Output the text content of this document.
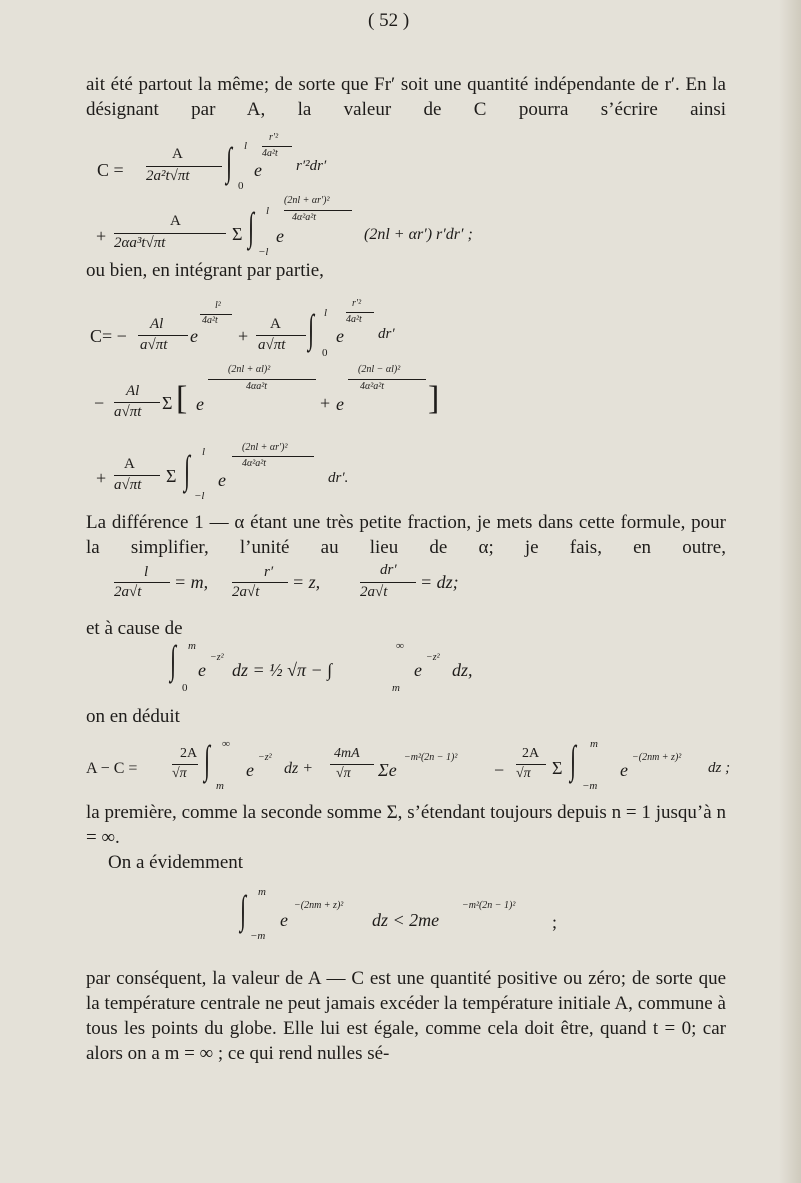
( 52 )
ait été partout la même; de sorte que Fr′ soit une quantité indépendante de r′. En la désignant par A, la valeur de C pourra s’écrire ainsi
C =
A
2a²t√πt ∫ l
0
e
r′²
4a²t
r′²dr′
+
A
2αa³t√πt	Σ ∫ l
−l
e
(2nl + αr′)²
4α²a²t
(2nl + αr′) r′dr′ ;
ou bien, en intégrant par partie,
C= −
Al
a√πt e
l²
4a²t
+
A
a√πt ∫ l
0
e
r′²
4a²t
dr′
−
Al
a√πt Σ [ e
(2nl + αl)²
4αa²t
+ e
(2nl − αl)²
4α²a²t ]
+
A
a√πt Σ ∫ l
−l
e
(2nl + αr′)²
4α²a²t
dr′.
La différence 1 — α étant une très petite fraction, je mets dans cette formule, pour la simplifier, l’unité au lieu de α; je fais, en outre,
l
2a√t = m,	r′
2a√t = z,
dr′
2a√t = dz;
et à cause de
∫ m
0
e
−z²
dz = ½ √π − ∫
∞
m
e
−z²
dz,
on en déduit
A − C =
2A
√π ∫ ∞
m
e
−z²
dz +
4mA
√π Σe
−m²(2n − 1)²
−
2A
√π Σ ∫ m
−m
e
−(2nm + z)²
dz ;
la première, comme la seconde somme Σ, s’étendant toujours depuis n = 1 jusqu’à n = ∞.
On a évidemment
∫ m
−m
e
−(2nm + z)²
dz < 2me
−m²(2n − 1)²
;
par conséquent, la valeur de A — C est une quantité positive ou zéro; de sorte que la température centrale ne peut jamais excéder la température initiale A, commune à tous les points du globe. Elle lui est égale, comme cela doit être, quand t = 0; car alors on a m = ∞ ; ce qui rend nulles sé-
